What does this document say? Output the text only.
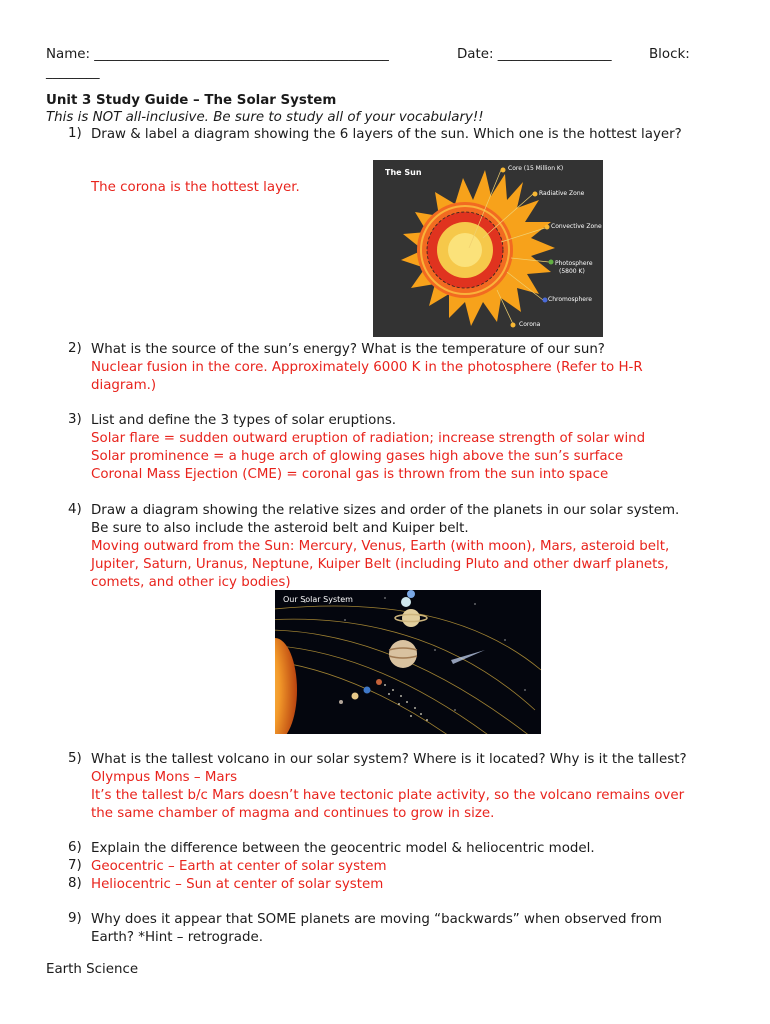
Name: ____________________________________________	Date: _________________	Block:
________
Unit 3 Study Guide – The Solar System
This is NOT all-inclusive. Be sure to study all of your vocabulary!!
1) Draw & label a diagram showing the 6 layers of the sun. Which one is the hottest layer?
The corona is the hottest layer.
The Sun	Core (15 Million K)
Radiative Zone
Convective Zone
Photosphere
(5800 K)
Chromosphere
Corona
2) What is the source of the sun’s energy? What is the temperature of our sun?
Nuclear fusion in the core. Approximately 6000 K in the photosphere (Refer to H-R
diagram.)
3) List and define the 3 types of solar eruptions.
Solar flare = sudden outward eruption of radiation; increase strength of solar wind
Solar prominence = a huge arch of glowing gases high above the sun’s surface
Coronal Mass Ejection (CME) = coronal gas is thrown from the sun into space
4) Draw a diagram showing the relative sizes and order of the planets in our solar system.
Be sure to also include the asteroid belt and Kuiper belt.
Moving outward from the Sun: Mercury, Venus, Earth (with moon), Mars, asteroid belt,
Jupiter, Saturn, Uranus, Neptune, Kuiper Belt (including Pluto and other dwarf planets,
comets, and other icy bodies)
Our Solar System
5) What is the tallest volcano in our solar system? Where is it located? Why is it the tallest?
Olympus Mons – Mars
It’s the tallest b/c Mars doesn’t have tectonic plate activity, so the volcano remains over
the same chamber of magma and continues to grow in size.
6) Explain the difference between the geocentric model & heliocentric model.
7) Geocentric – Earth at center of solar system
8) Heliocentric – Sun at center of solar system
9) Why does it appear that SOME planets are moving “backwards” when observed from
Earth? *Hint – retrograde.
Earth Science
